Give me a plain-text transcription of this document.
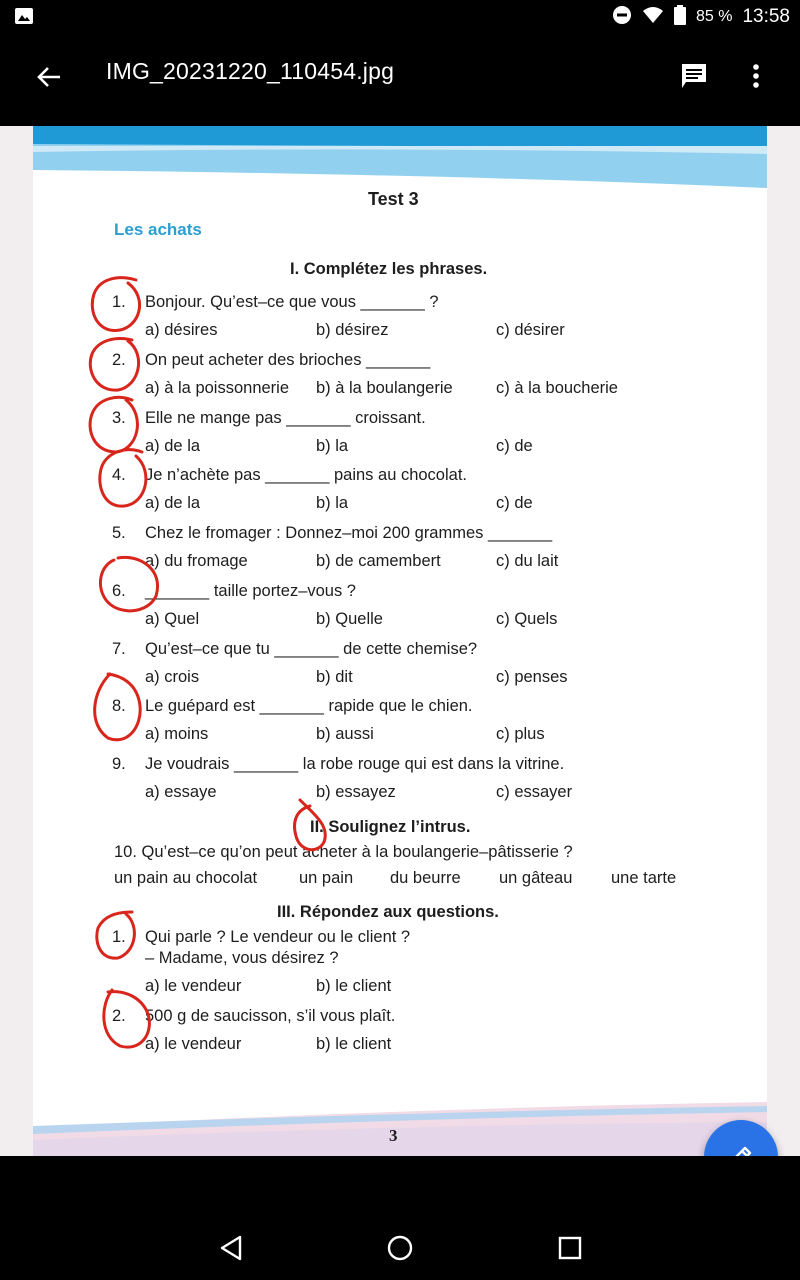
85 % 13:58
IMG_20231220_110454.jpg
Test 3
Les achats
I. Complétez les phrases.
1. Bonjour. Qu’est–ce que vous _______ ?
a) désires	b) désirez	c) désirer
2. On peut acheter des brioches _______
a) à la poissonnerie b) à la boulangerie	c) à la boucherie
3. Elle ne mange pas _______ croissant.
a) de la	b) la	c) de
4. Je n’achète pas _______ pains au chocolat.
a) de la	b) la	c) de
5. Chez le fromager : Donnez–moi 200 grammes _______
a) du fromage	b) de camembert	c) du lait
6. _______ taille portez–vous ?
a) Quel	b) Quelle	c) Quels
7. Qu’est–ce que tu _______ de cette chemise?
a) crois	b) dit	c) penses
8. Le guépard est _______ rapide que le chien.
a) moins	b) aussi	c) plus
9. Je voudrais _______ la robe rouge qui est dans la vitrine.
a) essaye	b) essayez	c) essayer
II. Soulignez l’intrus.
10. Qu’est–ce qu’on peut acheter à la boulangerie–pâtisserie ?
un pain au chocolat	un pain du beurre un gâteau une tarte
III. Répondez aux questions.
1. Qui parle ? Le vendeur ou le client ?
– Madame, vous désirez ?
a) le vendeur	b) le client
2. 500 g de saucisson, s’il vous plaît.
a) le vendeur	b) le client
3
